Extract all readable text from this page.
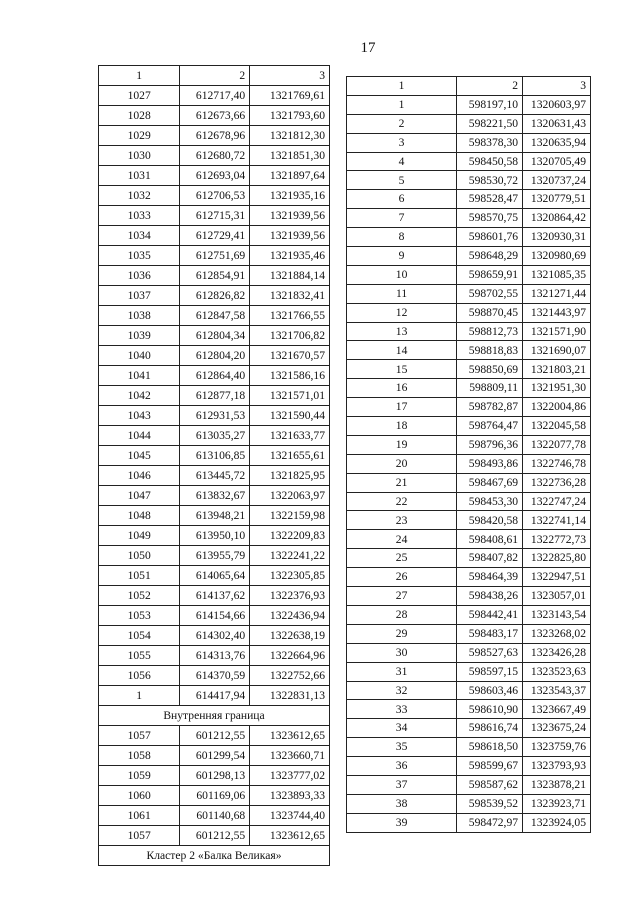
17
1	2	3
1027	612717,40	1321769,61
1028	612673,66	1321793,60
1029	612678,96	1321812,30
1030	612680,72	1321851,30
1031	612693,04	1321897,64
1032	612706,53	1321935,16
1033	612715,31	1321939,56
1034	612729,41	1321939,56
1035	612751,69	1321935,46
1036	612854,91	1321884,14
1037	612826,82	1321832,41
1038	612847,58	1321766,55
1039	612804,34	1321706,82
1040	612804,20	1321670,57
1041	612864,40	1321586,16
1042	612877,18	1321571,01
1043	612931,53	1321590,44
1044	613035,27	1321633,77
1045	613106,85	1321655,61
1046	613445,72	1321825,95
1047	613832,67	1322063,97
1048	613948,21	1322159,98
1049	613950,10	1322209,83
1050	613955,79	1322241,22
1051	614065,64	1322305,85
1052	614137,62	1322376,93
1053	614154,66	1322436,94
1054	614302,40	1322638,19
1055	614313,76	1322664,96
1056	614370,59	1322752,66
1	614417,94	1322831,13
Внутренняя граница		
1057	601212,55	1323612,65
1058	601299,54	1323660,71
1059	601298,13	1323777,02
1060	601169,06	1323893,33
1061	601140,68	1323744,40
1057	601212,55	1323612,65
Кластер 2 «Балка Великая»		
1	2	3
1	598197,10	1320603,97
2	598221,50	1320631,43
3	598378,30	1320635,94
4	598450,58	1320705,49
5	598530,72	1320737,24
6	598528,47	1320779,51
7	598570,75	1320864,42
8	598601,76	1320930,31
9	598648,29	1320980,69
10	598659,91	1321085,35
11	598702,55	1321271,44
12	598870,45	1321443,97
13	598812,73	1321571,90
14	598818,83	1321690,07
15	598850,69	1321803,21
16	598809,11	1321951,30
17	598782,87	1322004,86
18	598764,47	1322045,58
19	598796,36	1322077,78
20	598493,86	1322746,78
21	598467,69	1322736,28
22	598453,30	1322747,24
23	598420,58	1322741,14
24	598408,61	1322772,73
25	598407,82	1322825,80
26	598464,39	1322947,51
27	598438,26	1323057,01
28	598442,41	1323143,54
29	598483,17	1323268,02
30	598527,63	1323426,28
31	598597,15	1323523,63
32	598603,46	1323543,37
33	598610,90	1323667,49
34	598616,74	1323675,24
35	598618,50	1323759,76
36	598599,67	1323793,93
37	598587,62	1323878,21
38	598539,52	1323923,71
39	598472,97	1323924,05
